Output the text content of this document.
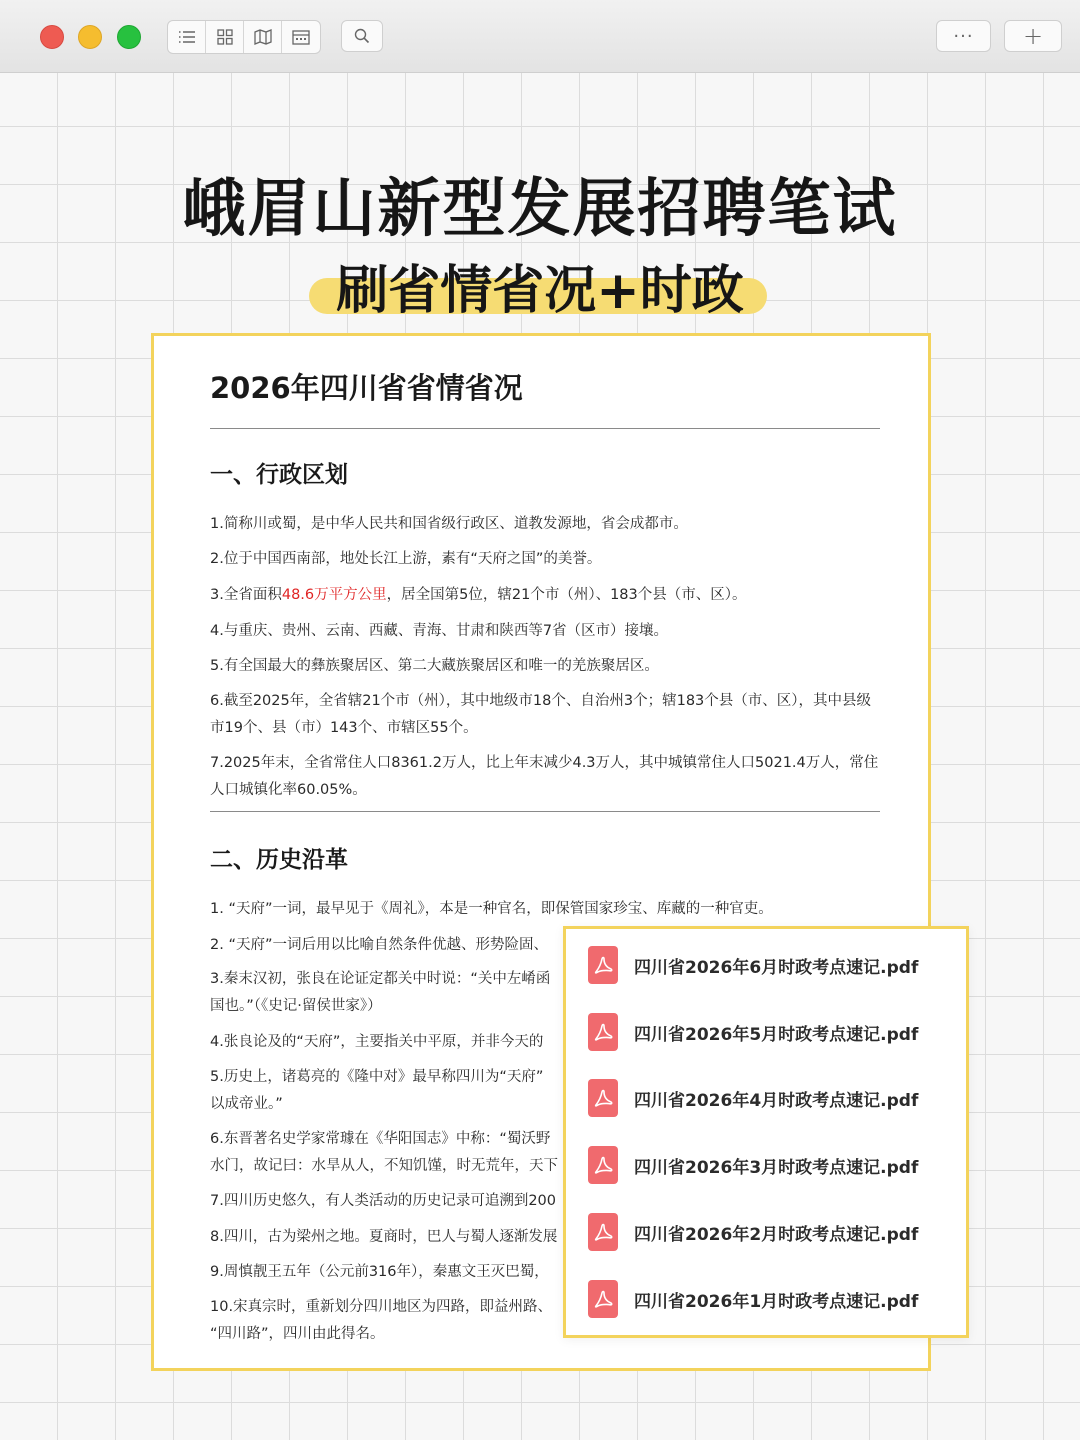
··· +
峨眉山新型发展招聘笔试
刷省情省况+时政
2026年四川省省情省况
一、行政区划
1.简称川或蜀，是中华人民共和国省级行政区、道教发源地，省会成都市。
2.位于中国西南部，地处长江上游，素有“天府之国”的美誉。
3.全省面积48.6万平方公里，居全国第5位，辖21个市（州）、183个县（市、区）。
4.与重庆、贵州、云南、西藏、青海、甘肃和陕西等7省（区市）接壤。
5.有全国最大的彝族聚居区、第二大藏族聚居区和唯一的羌族聚居区。
6.截至2025年，全省辖21个市（州），其中地级市18个、自治州3个；辖183个县（市、区），其中县级市19个、县（市）143个、市辖区55个。
7.2025年末，全省常住人口8361.2万人，比上年末减少4.3万人，其中城镇常住人口5021.4万人，常住人口城镇化率60.05%。
二、历史沿革
1. “天府”一词，最早见于《周礼》，本是一种官名，即保管国家珍宝、库藏的一种官吏。
2. “天府”一词后用以比喻自然条件优越、形势险固、
3.秦末汉初，张良在论证定都关中时说：“关中左崤函
国也。”（《史记·留侯世家》）
4.张良论及的“天府”，主要指关中平原，并非今天的
5.历史上，诸葛亮的《隆中对》最早称四川为“天府”
以成帝业。”
6.东晋著名史学家常璩在《华阳国志》中称：“蜀沃野
水门，故记曰：水旱从人，不知饥馑，时无荒年，天下
7.四川历史悠久，有人类活动的历史记录可追溯到200
8.四川，古为梁州之地。夏商时，巴人与蜀人逐渐发展
9.周慎靓王五年（公元前316年），秦惠文王灭巴蜀，
10.宋真宗时，重新划分四川地区为四路，即益州路、
“四川路”，四川由此得名。
四川省2026年6月时政考点速记.pdf
四川省2026年5月时政考点速记.pdf
四川省2026年4月时政考点速记.pdf
四川省2026年3月时政考点速记.pdf
四川省2026年2月时政考点速记.pdf
四川省2026年1月时政考点速记.pdf
